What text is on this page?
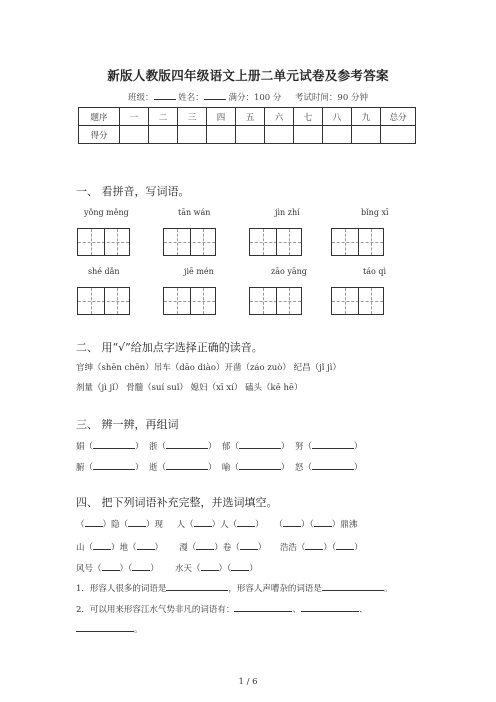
新版人教版四年级语文上册二单元试卷及参考答案
班级：	姓名：	满分：100 分 考试时间：90 分钟
题序	一	二	三	四	五	六	七	八	九	总分
得分										
一、 看拼音，写词语。
yǒng měng	tān wán	jìn zhí	bǐng xī
shé dǎn	jiē mén	zāo yāng	táo qì
二、 用“√”给加点字选择正确的读音。
官绅（shēn chēn）吊车（dāo diào）开凿（záo zuò） 纪昌（jǐ jì）
剂量（jì jǐ） 骨髓（suí suǐ） 媳妇（xī xí） 磕头（kē hē）
三、 辨一辨，再组词
娟（	） 浙（	） 郁（	） 努（	）
腑（	） 逝（	） 喻（	） 怒（	）
四、 把下列词语补充完整，并选词填空。
（ ）隐（ ）现 人（ ）人（ ） （ ）（ ）鼎沸
山（ ）地（ ） 漫（ ）卷（ ） 浩浩（ ）（ ）
风号（ ）（ ） 水天（ ）（ ）
1．形容人很多的词语是	，形容人声嘈杂的词语是	。
2．可以用来形容江水气势非凡的词语有：	、	、
。
1 / 6
